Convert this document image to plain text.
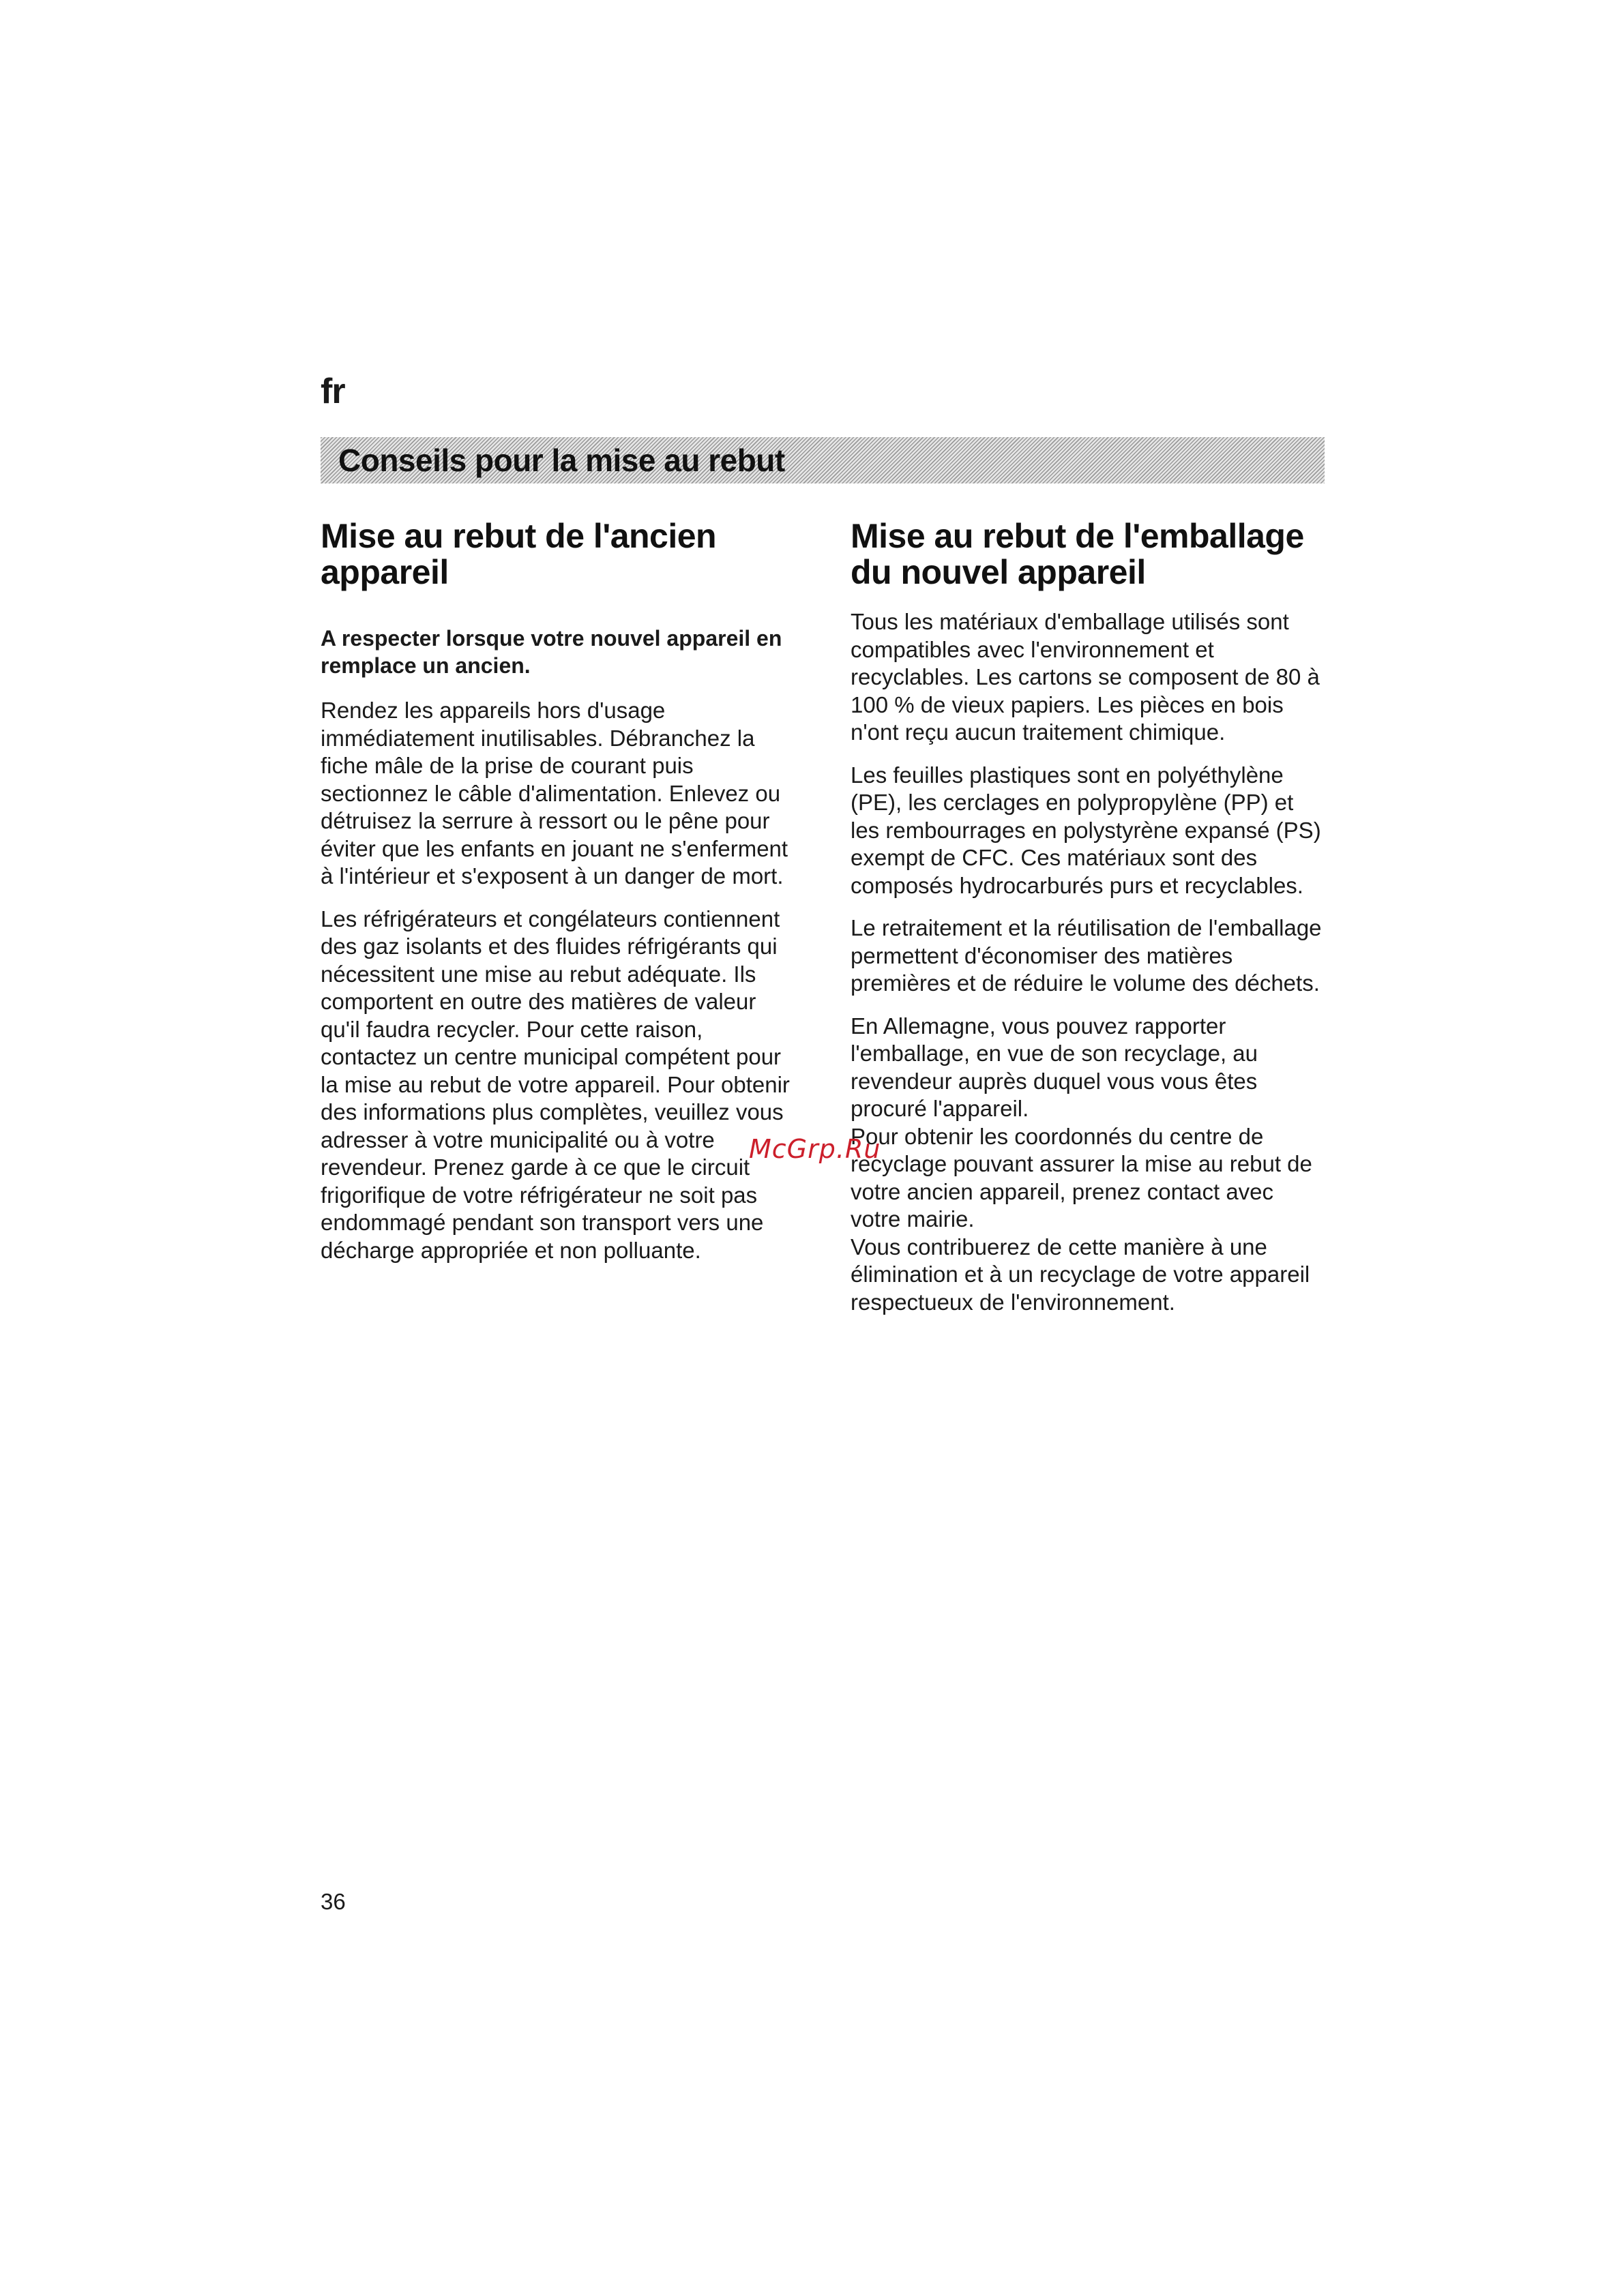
fr
Conseils pour la mise au rebut
Mise au rebut de l'ancien appareil
A respecter lorsque votre nouvel appareil en remplace un ancien.

Rendez les appareils hors d'usage immédiatement inutilisables. Débranchez la fiche mâle de la prise de courant puis sectionnez le câble d'alimentation. Enlevez ou détruisez la serrure à ressort ou le pêne pour éviter que les enfants en jouant ne s'enferment à l'intérieur et s'exposent à un danger de mort.

Les réfrigérateurs et congélateurs contiennent des gaz isolants et des fluides réfrigérants qui nécessitent une mise au rebut adéquate. Ils comportent en outre des matières de valeur qu'il faudra recycler. Pour cette raison, contactez un centre municipal compétent pour la mise au rebut de votre appareil. Pour obtenir des informations plus complètes, veuillez vous adresser à votre municipalité ou à votre revendeur. Prenez garde à ce que le circuit frigorifique de votre réfrigérateur ne soit pas endommagé pendant son transport vers une décharge appropriée et non polluante.

Mise au rebut de l'emballage du nouvel appareil

Tous les matériaux d'emballage utilisés sont compatibles avec l'environnement et recyclables. Les cartons se composent de 80 à 100 % de vieux papiers. Les pièces en bois n'ont reçu aucun traitement chimique.

Les feuilles plastiques sont en polyéthylène (PE), les cerclages en polypropylène (PP) et les rembourrages en polystyrène expansé (PS) exempt de CFC. Ces matériaux sont des composés hydrocarburés purs et recyclables.

Le retraitement et la réutilisation de l'emballage permettent d'économiser des matières premières et de réduire le volume des déchets.

En Allemagne, vous pouvez rapporter l'emballage, en vue de son recyclage, au revendeur auprès duquel vous vous êtes procuré l'appareil.

Pour obtenir les coordonnés du centre de recyclage pouvant assurer la mise au rebut de votre ancien appareil, prenez contact avec votre mairie.

Vous contribuerez de cette manière à une élimination et à un recyclage de votre appareil respectueux de l'environnement.

McGrp.Ru
36
